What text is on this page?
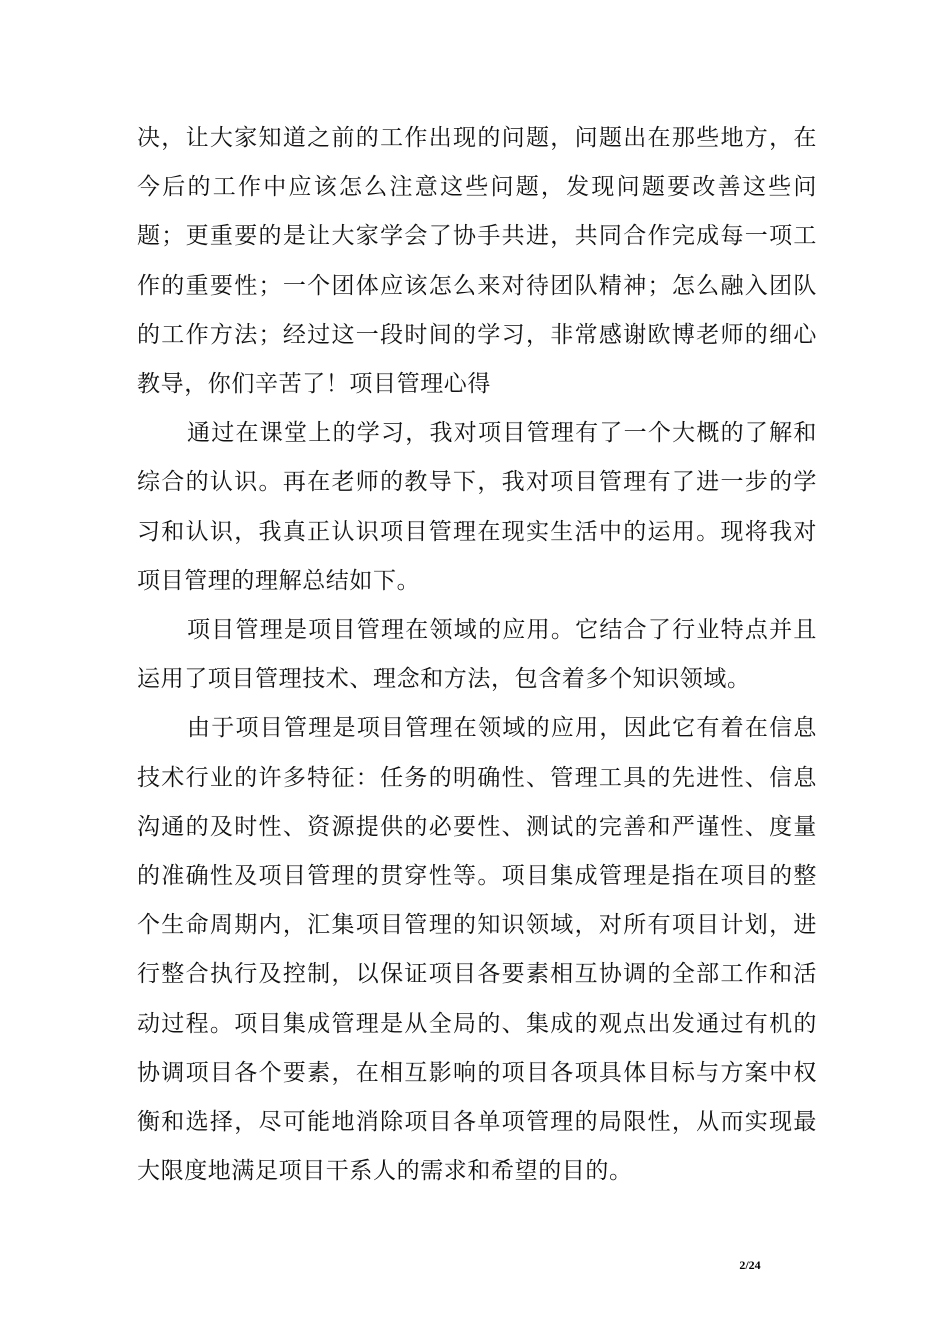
决，让大家知道之前的工作出现的问题，问题出在那些地方，在今后的工作中应该怎么注意这些问题，发现问题要改善这些问题；更重要的是让大家学会了协手共进，共同合作完成每一项工作的重要性；一个团体应该怎么来对待团队精神；怎么融入团队的工作方法；经过这一段时间的学习，非常感谢欧博老师的细心教导，你们辛苦了！项目管理心得

通过在课堂上的学习，我对项目管理有了一个大概的了解和综合的认识。再在老师的教导下，我对项目管理有了进一步的学习和认识，我真正认识项目管理在现实生活中的运用。现将我对项目管理的理解总结如下。

项目管理是项目管理在领域的应用。它结合了行业特点并且运用了项目管理技术、理念和方法，包含着多个知识领域。

由于项目管理是项目管理在领域的应用，因此它有着在信息技术行业的许多特征：任务的明确性、管理工具的先进性、信息沟通的及时性、资源提供的必要性、测试的完善和严谨性、度量的准确性及项目管理的贯穿性等。项目集成管理是指在项目的整个生命周期内，汇集项目管理的知识领域，对所有项目计划，进行整合执行及控制，以保证项目各要素相互协调的全部工作和活动过程。项目集成管理是从全局的、集成的观点出发通过有机的协调项目各个要素，在相互影响的项目各项具体目标与方案中权衡和选择，尽可能地消除项目各单项管理的局限性，从而实现最大限度地满足项目干系人的需求和希望的目的。

2/24
